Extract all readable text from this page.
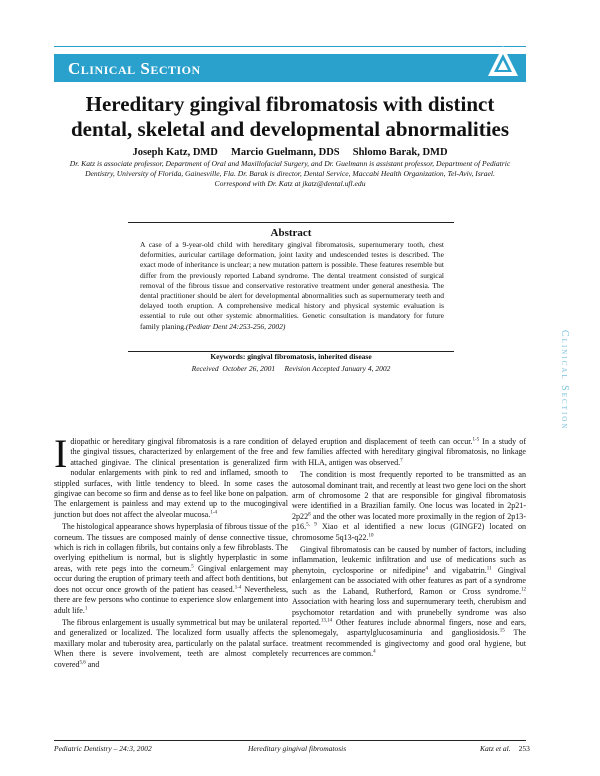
Clinical Section
Hereditary gingival fibromatosis with distinct
dental, skeletal and developmental abnormalities
Joseph Katz, DMD     Marcio Guelmann, DDS     Shlomo Barak, DMD
Dr. Katz is associate professor, Department of Oral and Maxillofacial Surgery, and Dr. Guelmann is assistant professor, Department of Pediatric Dentistry, University of Florida, Gainesville, Fla. Dr. Barak is director, Dental Service, Maccabi Health Organization, Tel-Aviv, Israel.
Correspond with Dr. Katz at jkatz@dental.ufl.edu
Abstract
A case of a 9-year-old child with hereditary gingival fibromatosis, supernumerary tooth, chest deformities, auricular cartilage deformation, joint laxity and undescended testes is described. The exact mode of inheritance is unclear; a new mutation pattern is possible. These features resemble but differ from the previously reported Laband syndrome. The dental treatment consisted of surgical removal of the fibrous tissue and conservative restorative treatment under general anesthesia. The dental practitioner should be alert for developmental abnormalities such as supernumerary teeth and delayed tooth eruption. A comprehensive medical history and physical systemic evaluation is essential to rule out other systemic abnormalities. Genetic consultation is mandatory for future family planing.(Pediatr Dent 24:253-256, 2002)
Keywords: gingival fibromatosis, inherited disease
Received  October 26, 2001     Revision Accepted January 4, 2002	Clinical Section

Idiopathic or hereditary gingival fibromatosis is a rare condition of the gingival tissues, characterized by enlargement of the free and attached gingivae. The clinical presentation is generalized firm nodular enlargements with pink to red and inflamed, smooth to stippled surfaces, with little tendency to bleed. In some cases the gingivae can become so firm and dense as to feel like bone on palpation. The enlargement is painless and may extend up to the mucogingival junction but does not affect the alveolar mucosa.$^{1-4}$

The histological appearance shows hyperplasia of fibrous tissue of the corneum. The tissues are composed mainly of dense connective tissue, which is rich in collagen fibrils, but contains only a few fibroblasts. The overlying epithelium is normal, but is slightly hyperplastic in some areas, with rete pegs into the corneum.$^5$ Gingival enlargement may occur during the eruption of primary teeth and affect both dentitions, but does not occur once growth of the patient has ceased.$^{1-4}$ Nevertheless, there are few persons who continue to experience slow enlargement into adult life.$^1$

The fibrous enlargement is usually symmetrical but may be unilateral and generalized or localized. The localized form usually affects the maxillary molar and tuberosity area, particularly on the palatal surface. When there is severe involvement, teeth are almost completely covered$^{5,6}$ and

delayed eruption and displacement of teeth can occur.$^{1-5}$ In a study of few families affected with hereditary gingival fibromatosis, no linkage with HLA, antigen was observed.$^7$

The condition is most frequently reported to be transmitted as an autosomal dominant trait, and recently at least two gene loci on the short arm of chromosome 2 that are responsible for gingival fibromatosis were identified in a Brazilian family. One locus was located in $2p21-2p22^8$ and the other was located more proximally in the region of 2p13-p16.$^{5, 9}$ Xiao et al identified a new locus (GINGF2) located on chromosome 5q13-q22.10

Gingival fibromatosis can be caused by number of factors, including inflammation, leukemic infiltration and use of medications such as phenytoin, cyclosporine or nifedipine$^4$ and vigabatrin.$^{11}$ Gingival enlargement can be associated with other features as part of a syndrome such as the Laband, Rutherford, Ramon or Cross syndrome.$^{12}$ Association with hearing loss and supernumerary teeth, cherubism and psychomotor retardation and with prunebelly syndrome was also reported.$^{13,14}$ Other features include abnormal fingers, nose and ears, splenomegaly, aspartylglucosaminuria and gangliosidosis.$^{15}$ The treatment recommended is gingivectomy and good oral hygiene, but recurrences are common.$^4$

Pediatric Dentistry – 24:3, 2002	Hereditary gingival fibromatosis	Katz et al. 253
